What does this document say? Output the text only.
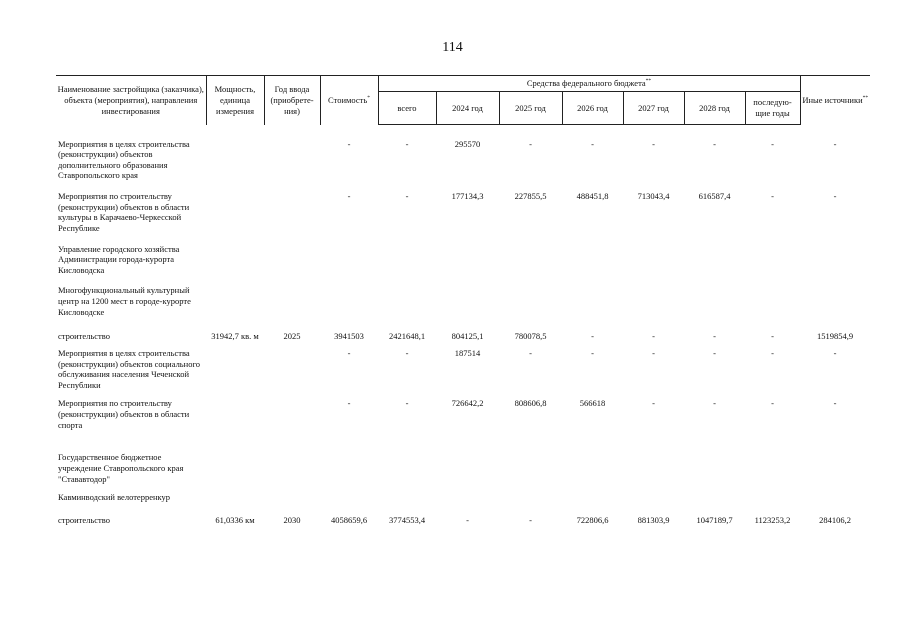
114
Наименование застройщика (заказчика), объекта (мероприятия), направления инвестирования	Мощность, единица измерения	Год ввода (приобрете-ния)	Стоимость*	Средства федерального бюджета**							Иные источники**
				всего	2024 год	2025 год	2026 год	2027 год	2028 год	последую-щие годы	
Мероприятия в целях строительства (реконструкции) объектов дополнительного образования Ставропольского края			-	-	295570	-	-	-	-	-	-
Мероприятия по строительству (реконструкции) объектов в области культуры в Карачаево-Черкесской Республике			-	-	177134,3	227855,5	488451,8	713043,4	616587,4	-	-
Управление городского хозяйства Администрации города-курорта Кисловодска											
Многофункциональный культурный центр на 1200 мест в городе-курорте Кисловодске											
строительство	31942,7 кв. м	2025	3941503	2421648,1	804125,1	780078,5	-	-	-	-	1519854,9
Мероприятия в целях строительства (реконструкции) объектов социального обслуживания населения Чеченской Республики			-	-	187514	-	-	-	-	-	-
Мероприятия по строительству (реконструкции) объектов в области спорта			-	-	726642,2	808606,8	566618	-	-	-	-
Государственное бюджетное учреждение Ставропольского края "Стававтодор"											
Кавминводский велотерренкур											
строительство	61,0336 км	2030	4058659,6	3774553,4	-	-	722806,6	881303,9	1047189,7	1123253,2	284106,2
